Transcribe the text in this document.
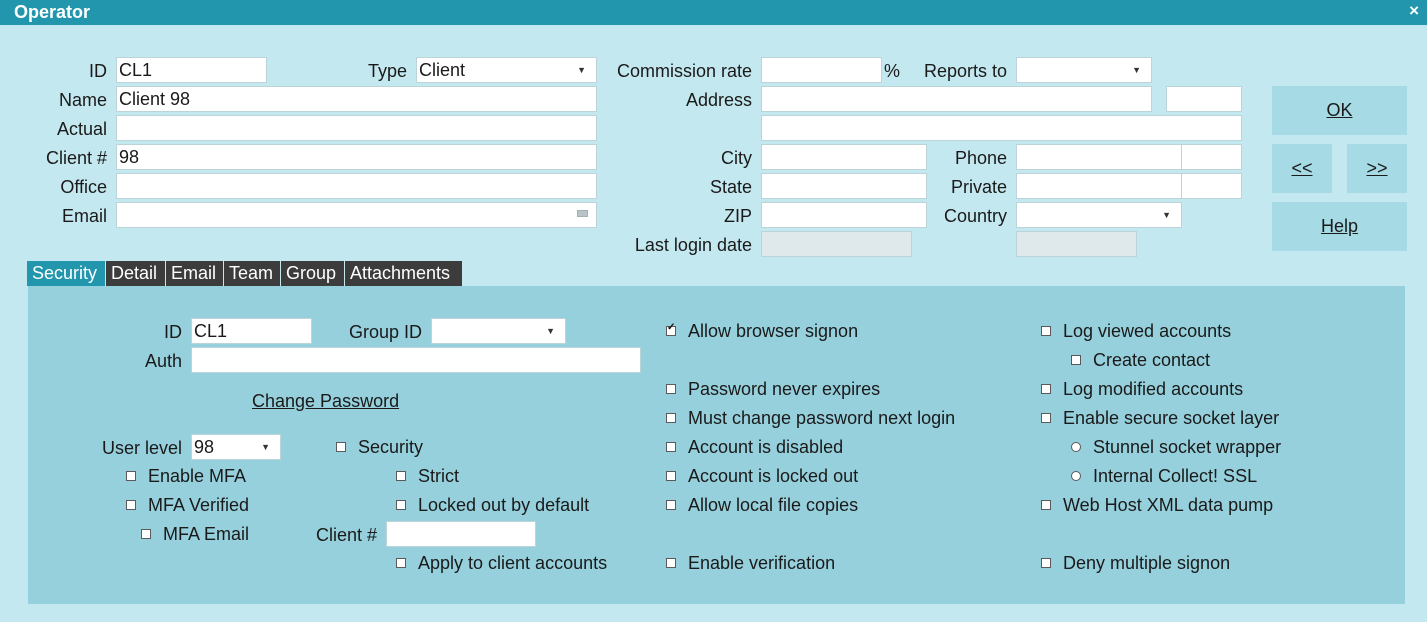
Operator	×
ID CL1	Type Client	▼	Commission rate	%	Reports to	▼
Name Client 98	Address
Actual
Client # 98	City	Phone
Office	State	Private
Email	ZIP	Country	▼
Last login date
OK
<<	>>
Help
Security Detail Email Team Group Attachments
ID CL1	Group ID	▼
Auth
Change Password
User level 98	▼	Security
Enable MFA	Strict
MFA Verified	Locked out by default
MFA Email	Client #
Apply to client accounts
✓
Allow browser signon
Password never expires
Must change password next login
Account is disabled
Account is locked out
Allow local file copies
Enable verification
Log viewed accounts
Create contact
Log modified accounts
Enable secure socket layer
Stunnel socket wrapper
Internal Collect! SSL
Web Host XML data pump
Deny multiple signon
